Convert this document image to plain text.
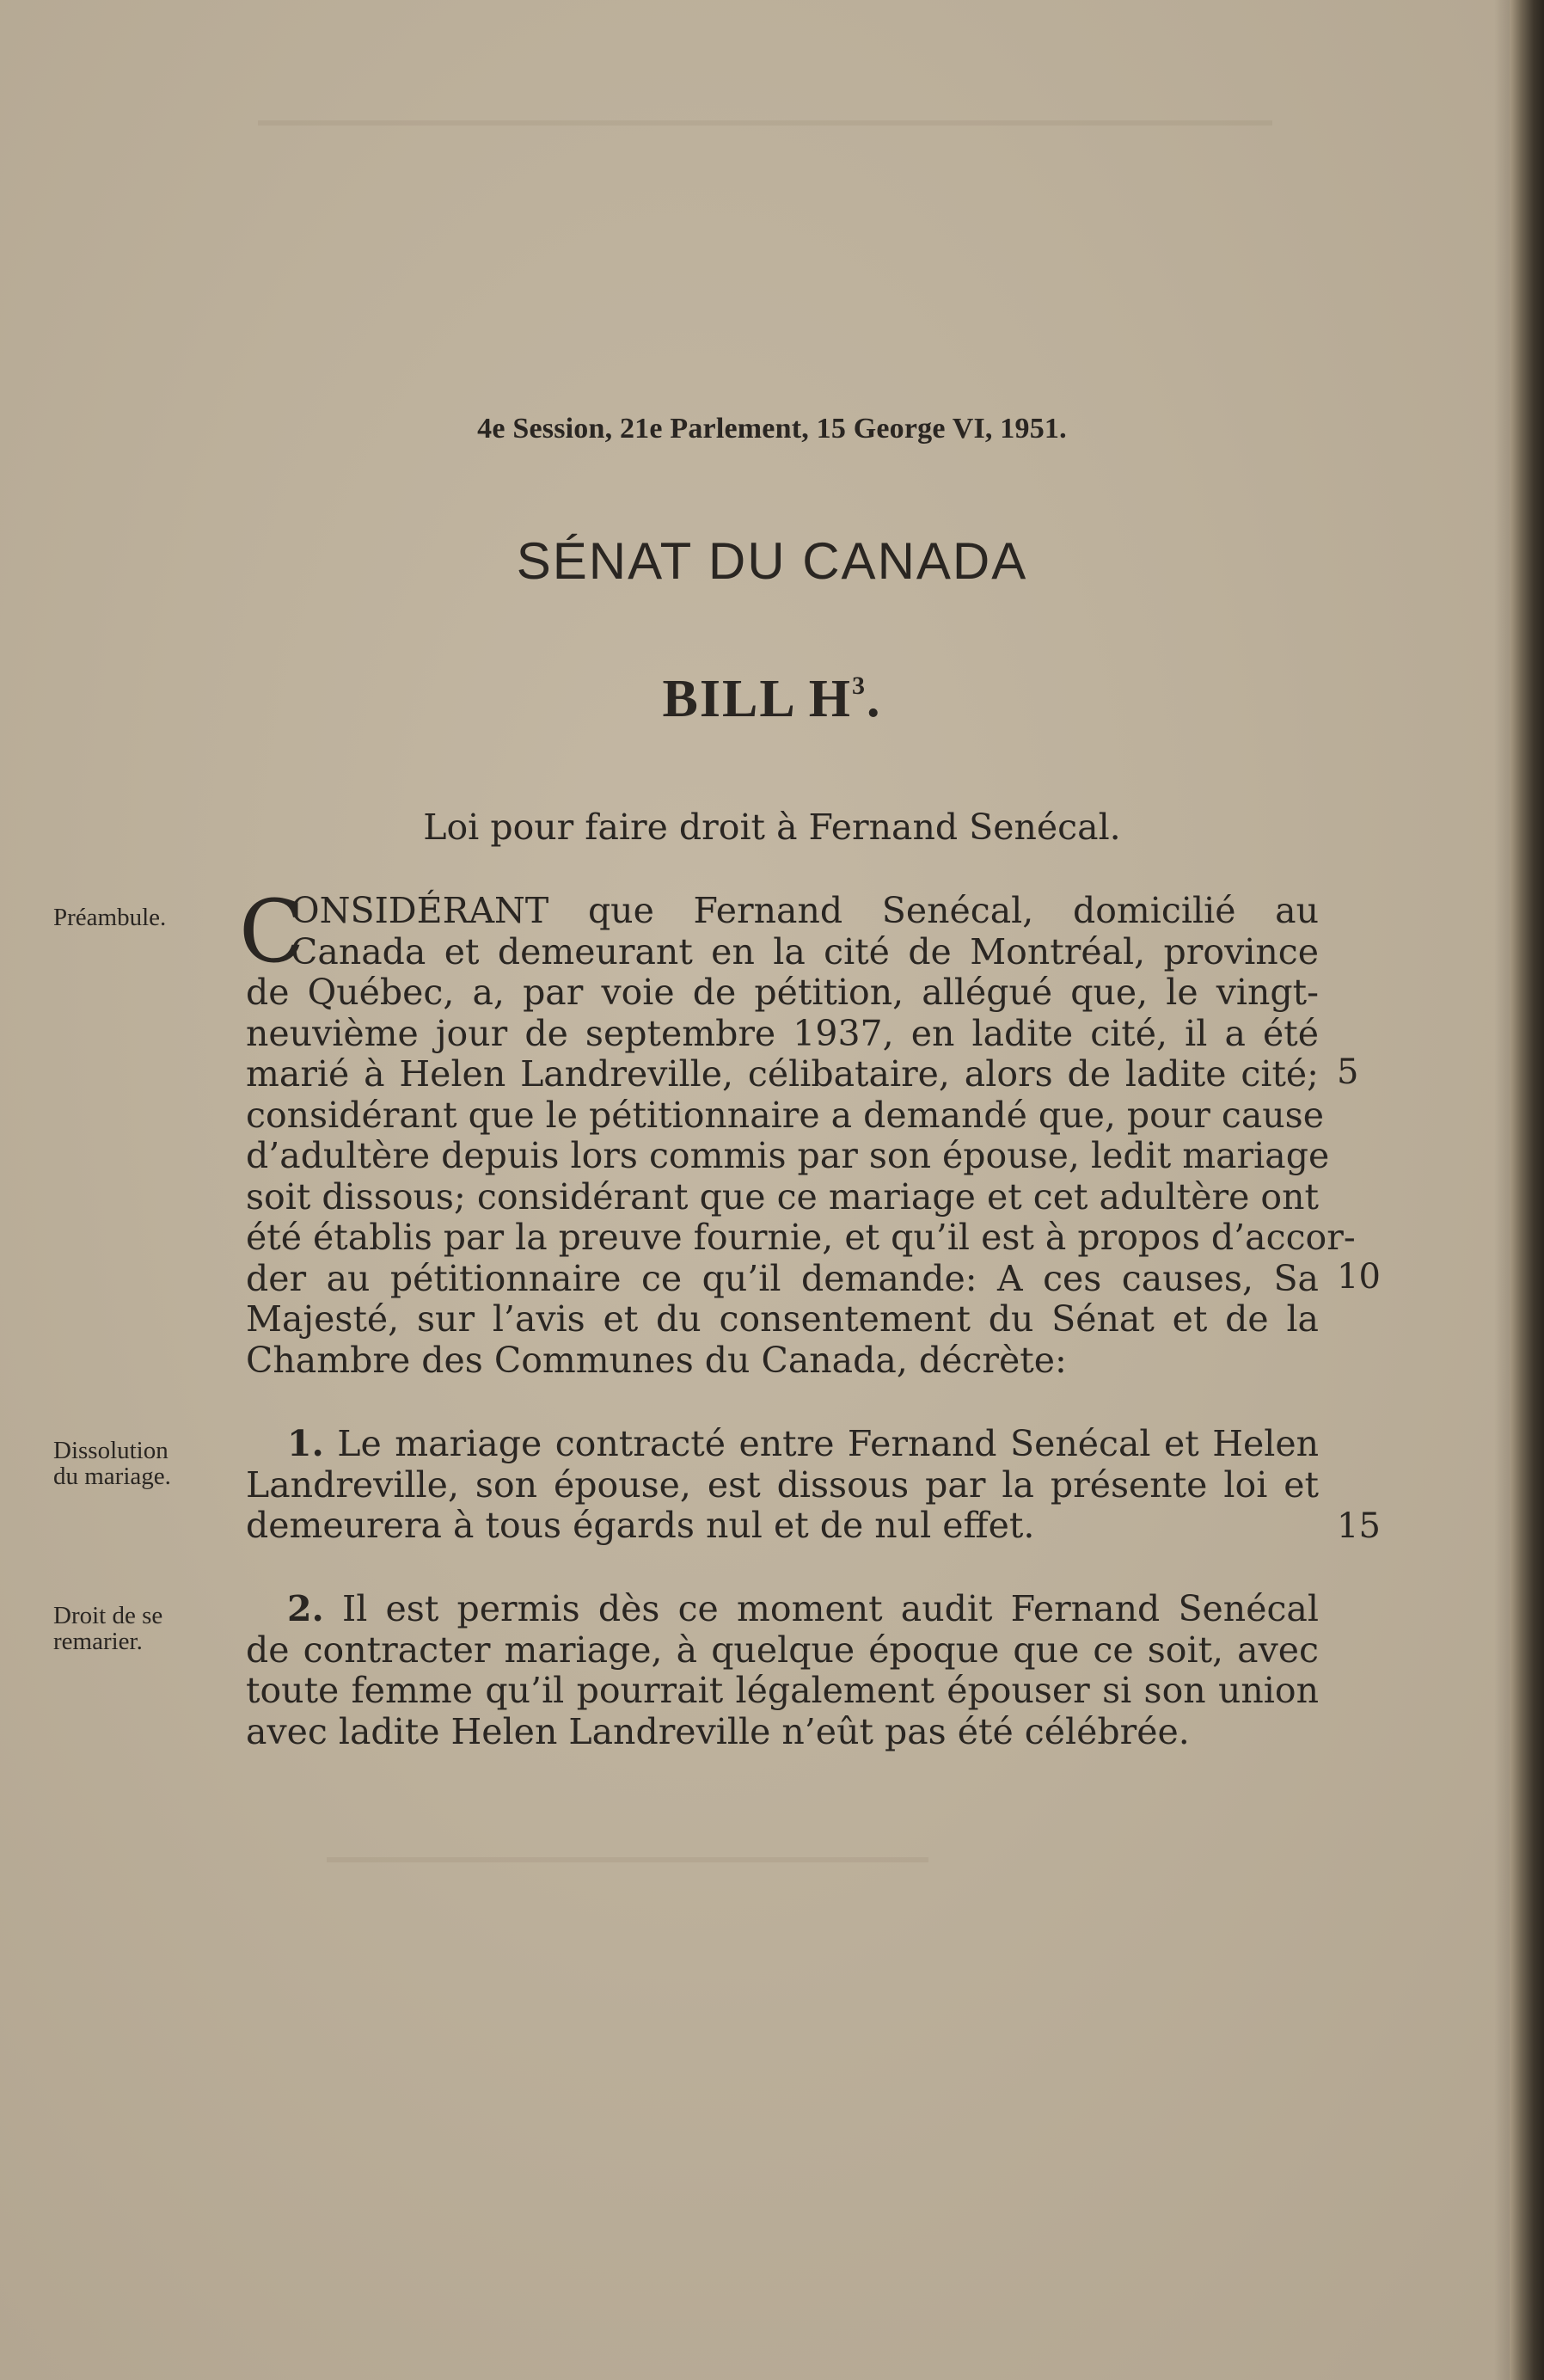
4e Session, 21e Parlement, 15 George VI, 1951.
SÉNAT DU CANADA
BILL $H^3$.
Loi pour faire droit à Fernand Senécal.
Préambule.
Dissolution
du mariage.
Droit de se
remarier.
C
ONSIDÉRANT que Fernand Senécal, domicilié au
Canada et demeurant en la cité de Montréal, province
de Québec, a, par voie de pétition, allégué que, le vingt-
neuvième jour de septembre 1937, en ladite cité, il a été
marié à Helen Landreville, célibataire, alors de ladite cité;
considérant que le pétitionnaire a demandé que, pour cause
d’adultère depuis lors commis par son épouse, ledit mariage
soit dissous; considérant que ce mariage et cet adultère ont
été établis par la preuve fournie, et qu’il est à propos d’accor-
der au pétitionnaire ce qu’il demande: A ces causes, Sa
Majesté, sur l’avis et du consentement du Sénat et de la
Chambre des Communes du Canada, décrète:
1. Le mariage contracté entre Fernand Senécal et Helen
Landreville, son épouse, est dissous par la présente loi et
demeurera à tous égards nul et de nul effet.
2. Il est permis dès ce moment audit Fernand Senécal
de contracter mariage, à quelque époque que ce soit, avec
toute femme qu’il pourrait légalement épouser si son union
avec ladite Helen Landreville n’eût pas été célébrée.
5
10
15
